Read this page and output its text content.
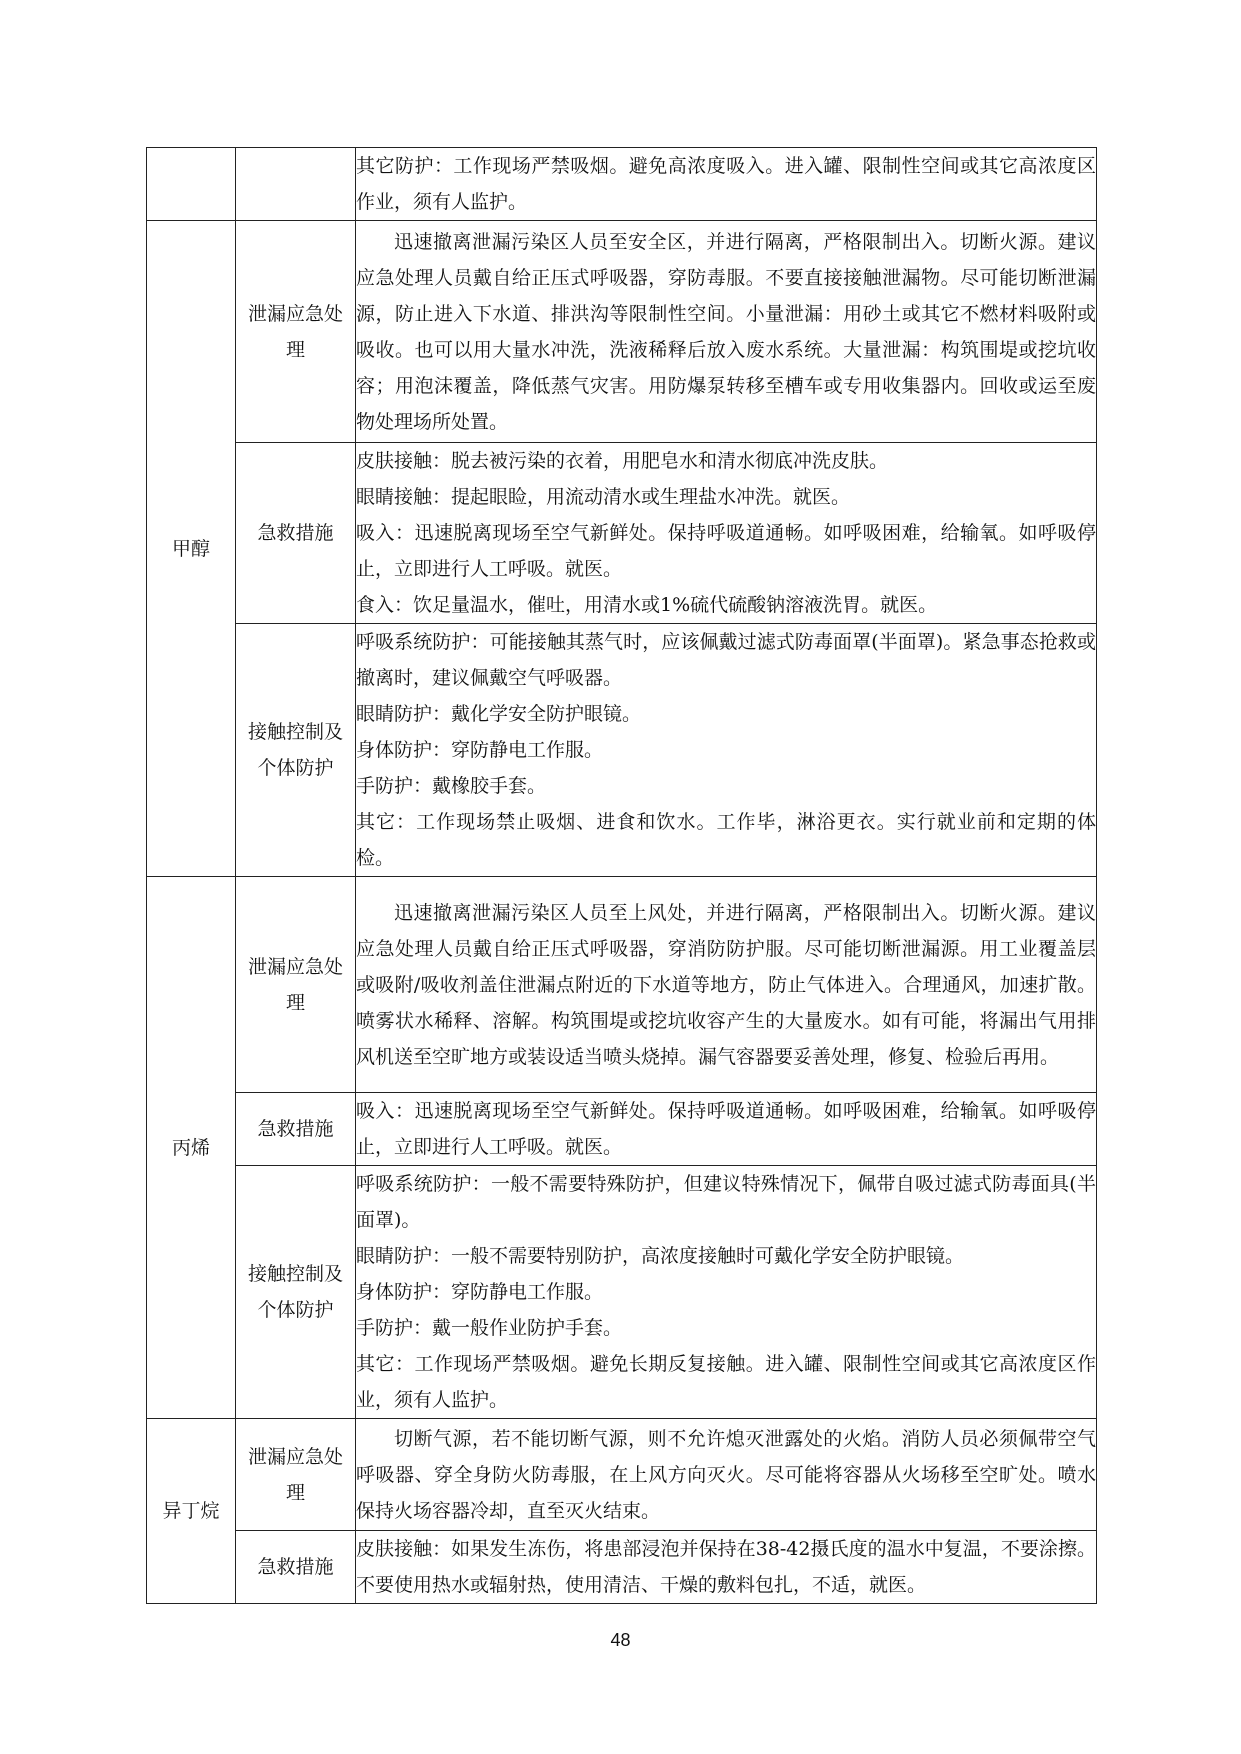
		其它防护：工作现场严禁吸烟。避免高浓度吸入。进入罐、限制性空间或其它高浓度区作业，须有人监护。

甲醇	泄漏应急处理	迅速撤离泄漏污染区人员至安全区，并进行隔离，严格限制出入。切断火源。建议应急处理人员戴自给正压式呼吸器，穿防毒服。不要直接接触泄漏物。尽可能切断泄漏源，防止进入下水道、排洪沟等限制性空间。小量泄漏：用砂土或其它不燃材料吸附或吸收。也可以用大量水冲洗，洗液稀释后放入废水系统。大量泄漏：构筑围堤或挖坑收容；用泡沫覆盖，降低蒸气灾害。用防爆泵转移至槽车或专用收集器内。回收或运至废物处理场所处置。

	急救措施	皮肤接触：脱去被污染的衣着，用肥皂水和清水彻底冲洗皮肤。

眼睛接触：提起眼睑，用流动清水或生理盐水冲洗。就医。

吸入：迅速脱离现场至空气新鲜处。保持呼吸道通畅。如呼吸困难，给输氧。如呼吸停止，立即进行人工呼吸。就医。

食入：饮足量温水，催吐，用清水或1%硫代硫酸钠溶液洗胃。就医。

	接触控制及个体防护	呼吸系统防护：可能接触其蒸气时，应该佩戴过滤式防毒面罩(半面罩)。紧急事态抢救或撤离时，建议佩戴空气呼吸器。

眼睛防护：戴化学安全防护眼镜。

身体防护：穿防静电工作服。

手防护：戴橡胶手套。

其它：工作现场禁止吸烟、进食和饮水。工作毕，淋浴更衣。实行就业前和定期的体检。

丙烯	泄漏应急处理	迅速撤离泄漏污染区人员至上风处，并进行隔离，严格限制出入。切断火源。建议应急处理人员戴自给正压式呼吸器，穿消防防护服。尽可能切断泄漏源。用工业覆盖层或吸附/吸收剂盖住泄漏点附近的下水道等地方，防止气体进入。合理通风，加速扩散。喷雾状水稀释、溶解。构筑围堤或挖坑收容产生的大量废水。如有可能，将漏出气用排风机送至空旷地方或装设适当喷头烧掉。漏气容器要妥善处理，修复、检验后再用。

	急救措施	吸入：迅速脱离现场至空气新鲜处。保持呼吸道通畅。如呼吸困难，给输氧。如呼吸停止，立即进行人工呼吸。就医。

	接触控制及个体防护	呼吸系统防护：一般不需要特殊防护，但建议特殊情况下，佩带自吸过滤式防毒面具(半面罩)。

眼睛防护：一般不需要特别防护，高浓度接触时可戴化学安全防护眼镜。

身体防护：穿防静电工作服。

手防护：戴一般作业防护手套。

其它：工作现场严禁吸烟。避免长期反复接触。进入罐、限制性空间或其它高浓度区作业，须有人监护。

异丁烷	泄漏应急处理	切断气源，若不能切断气源，则不允许熄灭泄露处的火焰。消防人员必须佩带空气呼吸器、穿全身防火防毒服，在上风方向灭火。尽可能将容器从火场移至空旷处。喷水保持火场容器冷却，直至灭火结束。

	急救措施	皮肤接触：如果发生冻伤，将患部浸泡并保持在38-42摄氏度的温水中复温，不要涂擦。不要使用热水或辐射热，使用清洁、干燥的敷料包扎，不适，就医。

48
